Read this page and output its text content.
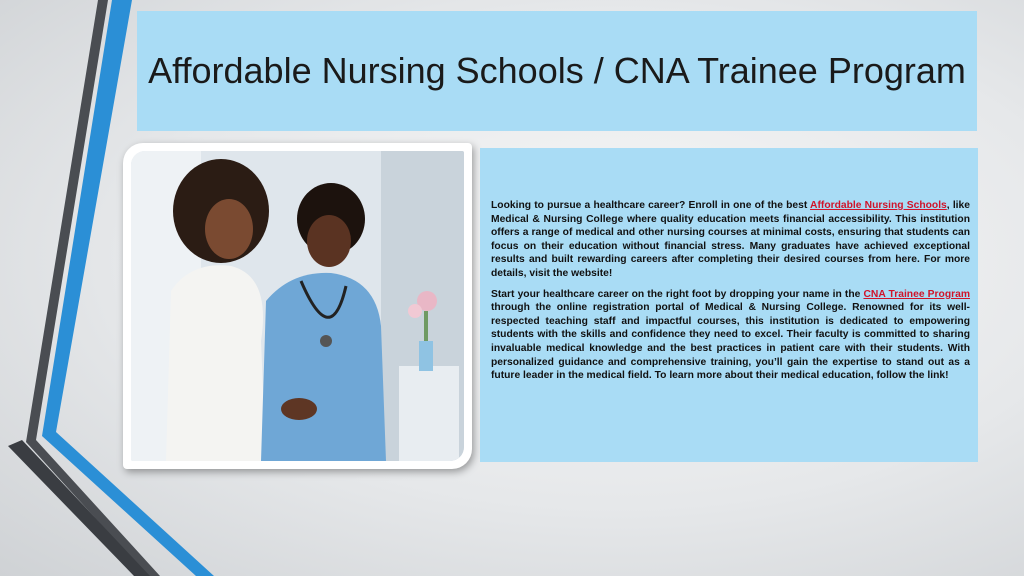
Affordable Nursing Schools / CNA Trainee Program

Looking to pursue a healthcare career? Enroll in one of the best Affordable Nursing Schools, like Medical & Nursing College where quality education meets financial accessibility. This institution offers a range of medical and other nursing courses at minimal costs, ensuring that students can focus on their education without financial stress. Many graduates have achieved exceptional results and built rewarding careers after completing their desired courses from here. For more details, visit the website!

Start your healthcare career on the right foot by dropping your name in the CNA Trainee Program through the online registration portal of Medical & Nursing College. Renowned for its well-respected teaching staff and impactful courses, this institution is dedicated to empowering students with the skills and confidence they need to excel. Their faculty is committed to sharing invaluable medical knowledge and the best practices in patient care with their students. With personalized guidance and comprehensive training, you’ll gain the expertise to stand out as a future leader in the medical field. To learn more about their medical education, follow the link!
